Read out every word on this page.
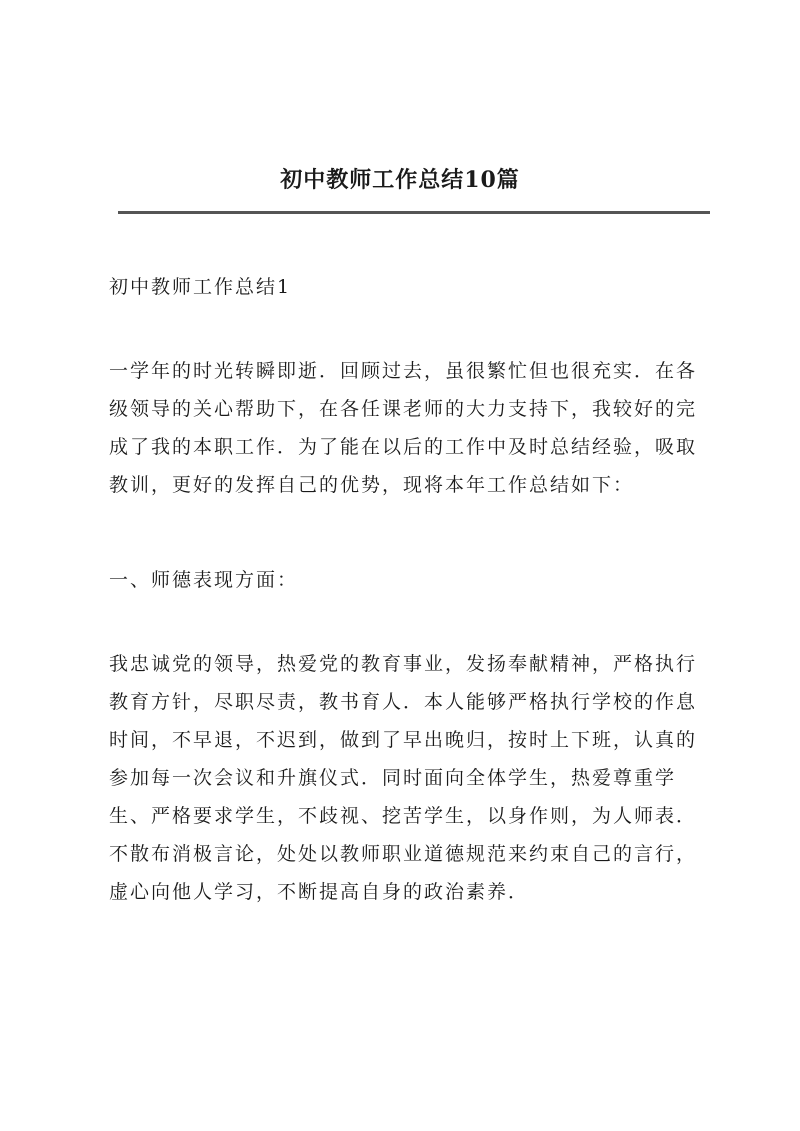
初中教师工作总结10篇
初中教师工作总结1
一学年的时光转瞬即逝．回顾过去，虽很繁忙但也很充实．在各
级领导的关心帮助下，在各任课老师的大力支持下，我较好的完
成了我的本职工作．为了能在以后的工作中及时总结经验，吸取
教训，更好的发挥自己的优势，现将本年工作总结如下：
一、师德表现方面：
我忠诚党的领导，热爱党的教育事业，发扬奉献精神，严格执行
教育方针，尽职尽责，教书育人．本人能够严格执行学校的作息
时间，不早退，不迟到，做到了早出晚归，按时上下班，认真的
参加每一次会议和升旗仪式．同时面向全体学生，热爱尊重学
生、严格要求学生，不歧视、挖苦学生，以身作则，为人师表．
不散布消极言论，处处以教师职业道德规范来约束自己的言行，
虚心向他人学习，不断提高自身的政治素养．
